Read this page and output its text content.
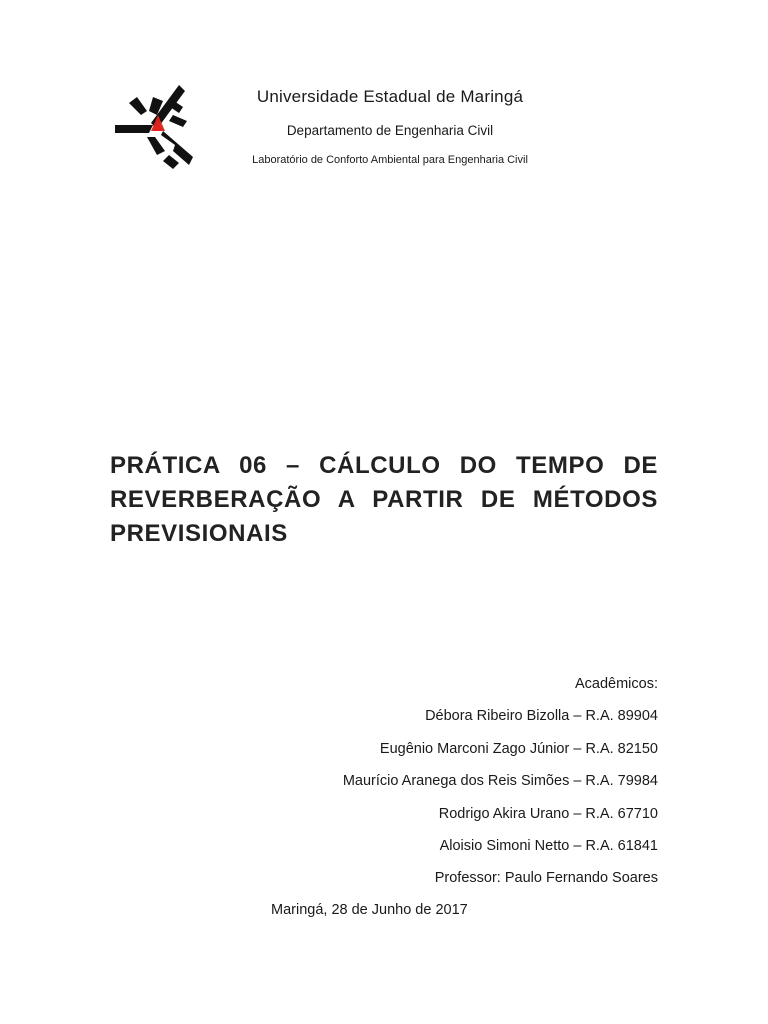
Universidade Estadual de Maringá
Departamento de Engenharia Civil
Laboratório de Conforto Ambiental para Engenharia Civil
PRÁTICA 06 – CÁLCULO DO TEMPO DE REVERBERAÇÃO A PARTIR DE MÉTODOS PREVISIONAIS
Acadêmicos:
Débora Ribeiro Bizolla – R.A. 89904
Eugênio Marconi Zago Júnior – R.A. 82150
Maurício Aranega dos Reis Simões – R.A. 79984
Rodrigo Akira Urano – R.A. 67710
Aloisio Simoni Netto – R.A. 61841
Professor: Paulo Fernando Soares
Maringá, 28 de Junho de 2017
